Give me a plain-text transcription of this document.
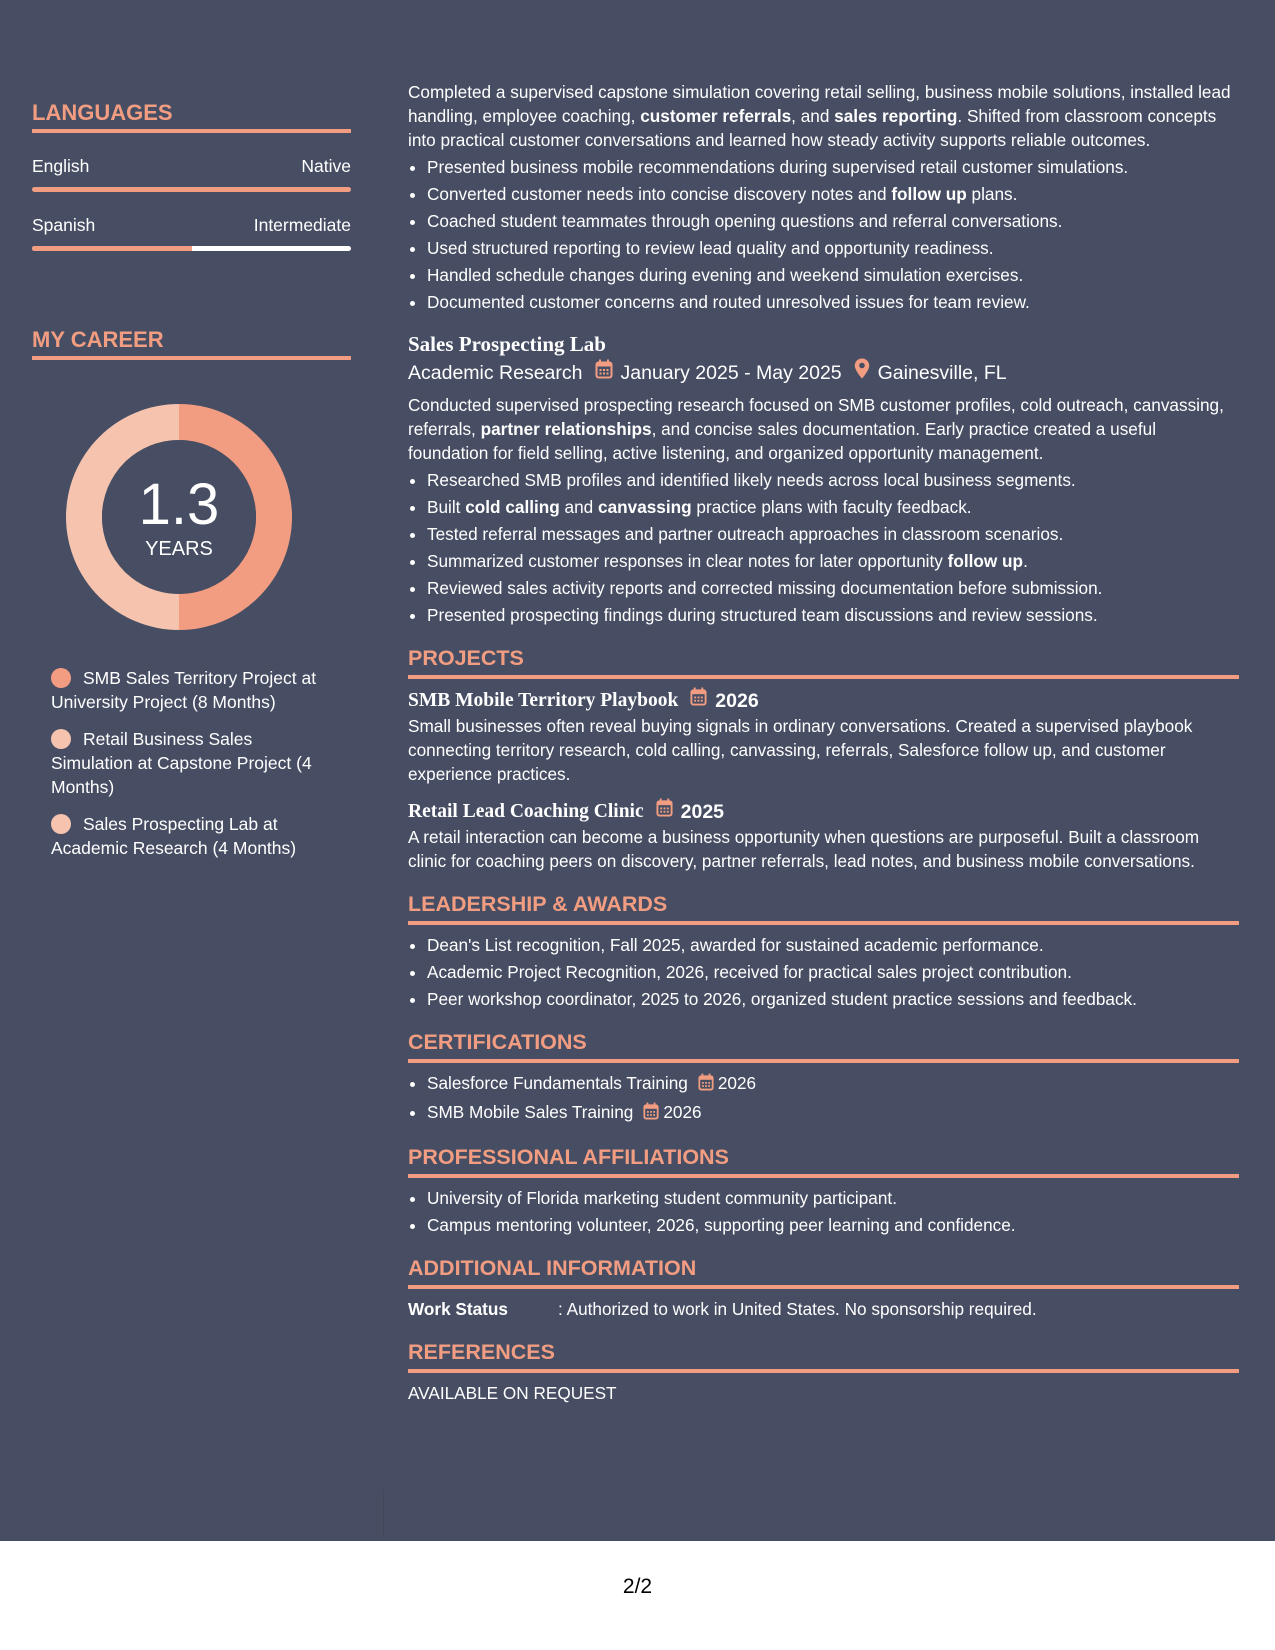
LANGUAGES
English	Native
Spanish	Intermediate
MY CAREER
1.3
YEARS
SMB Sales Territory Project at University Project (8 Months)
Retail Business Sales Simulation at Capstone Project (4 Months)
Sales Prospecting Lab at Academic Research (4 Months)

Completed a supervised capstone simulation covering retail selling, business mobile solutions, installed lead handling, employee coaching, customer referrals, and sales reporting. Shifted from classroom concepts into practical customer conversations and learned how steady activity supports reliable outcomes.

• Presented business mobile recommendations during supervised retail customer simulations.
• Converted customer needs into concise discovery notes and follow up plans.
• Coached student teammates through opening questions and referral conversations.
• Used structured reporting to review lead quality and opportunity readiness.
• Handled schedule changes during evening and weekend simulation exercises.
• Documented customer concerns and routed unresolved issues for team review.
Sales Prospecting Lab
Academic Research January 2025 - May 2025 Gainesville, FL

Conducted supervised prospecting research focused on SMB customer profiles, cold outreach, canvassing, referrals, partner relationships, and concise sales documentation. Early practice created a useful foundation for field selling, active listening, and organized opportunity management.

• Researched SMB profiles and identified likely needs across local business segments.
• Built cold calling and canvassing practice plans with faculty feedback.
• Tested referral messages and partner outreach approaches in classroom scenarios.
• Summarized customer responses in clear notes for later opportunity follow up.
• Reviewed sales activity reports and corrected missing documentation before submission.
• Presented prospecting findings during structured team discussions and review sessions.
PROJECTS
SMB Mobile Territory Playbook 2026

Small businesses often reveal buying signals in ordinary conversations. Created a supervised playbook connecting territory research, cold calling, canvassing, referrals, Salesforce follow up, and customer experience practices.

Retail Lead Coaching Clinic 2025

A retail interaction can become a business opportunity when questions are purposeful. Built a classroom clinic for coaching peers on discovery, partner referrals, lead notes, and business mobile conversations.

LEADERSHIP & AWARDS
• Dean's List recognition, Fall 2025, awarded for sustained academic performance.
• Academic Project Recognition, 2026, received for practical sales project contribution.
• Peer workshop coordinator, 2025 to 2026, organized student practice sessions and feedback.
CERTIFICATIONS
• Salesforce Fundamentals Training 2026
• SMB Mobile Sales Training 2026
PROFESSIONAL AFFILIATIONS
• University of Florida marketing student community participant.
• Campus mentoring volunteer, 2026, supporting peer learning and confidence.
ADDITIONAL INFORMATION
Work Status	: Authorized to work in United States. No sponsorship required.
REFERENCES

AVAILABLE ON REQUEST

2/2
